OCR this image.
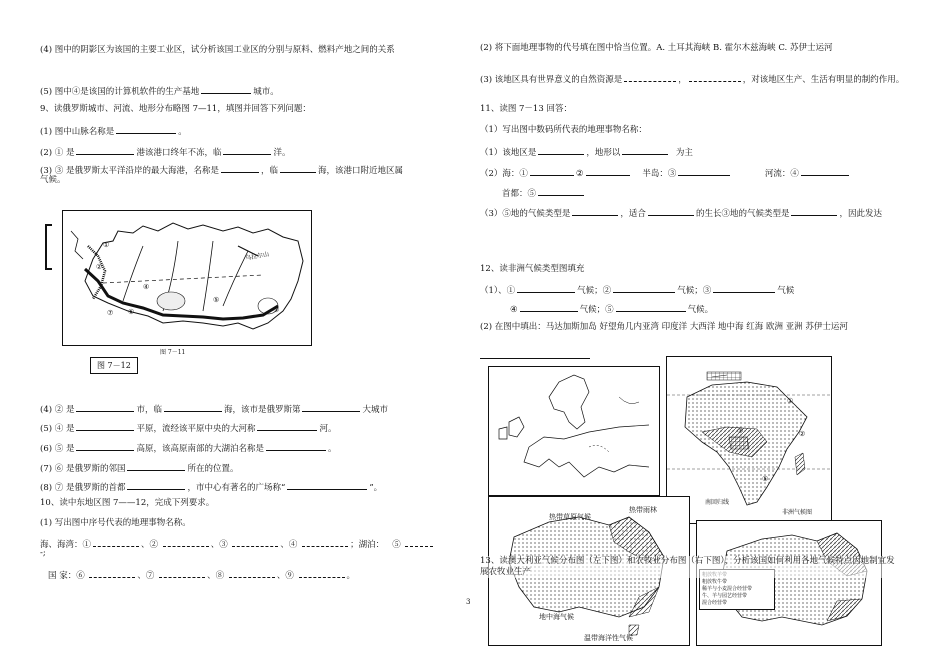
(4) 图中的阴影区为该国的主要工业区，试分析该国工业区的分别与原料、燃料产地之间的关系
(5) 图中④是该国的计算机软件的生产基地	城市。
9、读俄罗斯城市、河流、地形分布略图 7—11，填图并回答下列问题：
(1) 图中山脉名称是	。
(2) ① 是	港该港口终年不冻，临	洋。
(3) ③ 是俄罗斯太平洋沿岸的最大海港，名称是	，临	海，该港口附近地区属
气候。
①
②
③
④
⑤
⑥
⑦
乌拉尔山
图 7－11
图 7－12
(4) ② 是	市，临	海，该市是俄罗斯第	大城市
(5) ④ 是	平原，流经该平原中央的大河称	河。
(6) ⑤ 是	高原，该高原南部的大湖泊名称是	。
(7) ⑥ 是俄罗斯的邻国	所在的位置。
(8) ⑦ 是俄罗斯的首都	，市中心有著名的广场称“	”。
10、读中东地区图 7——12，完成下列要求。
(1) 写出图中序号代表的地理事物名称。
海、海湾：①	、②	、③	、④	；湖泊：   ⑤
-;
国 家：⑥	、⑦	、⑧	、⑨	。
(2) 将下面地理事物的代号填在图中恰当位置。A. 土耳其海峡 B. 霍尔木兹海峡 C. 苏伊士运河
(3) 该地区具有世界意义的自然资源是	，	，对该地区生产、生活有明显的制约作用。
11、读图 7－13 回答：
（1）写出图中数码所代表的地理事物名称：
（1）该地区是	，地形以	为主
（2）海：①	②	半岛：③	河流：④
首都：⑤
（3）⑤地的气候类型是	，适合	的生长③地的气候类型是	，因此发达
12、读非洲气候类型图填充
（1）、①	气候；②	气候；③	气候
④	气候；⑤	气候。
(2) 在图中填出：马达加斯加岛 好望角几内亚湾 印度洋 大西洋 地中海 红海 欧洲 亚洲 苏伊士运河
①
③	②
⑤
南回归线
非洲气候图
热带草原气候
热带雨林
地中海气候
温带海洋性气候
粗放牧牛带
稀羊与小麦混合经营带
牛、羊与园艺经营带
混合经营带
13、读澳大利亚气候分布图（左下图）和农牧业分布图（右下图），分析该国如何利用各地气候特点因地制宜发展农牧业生产
3
